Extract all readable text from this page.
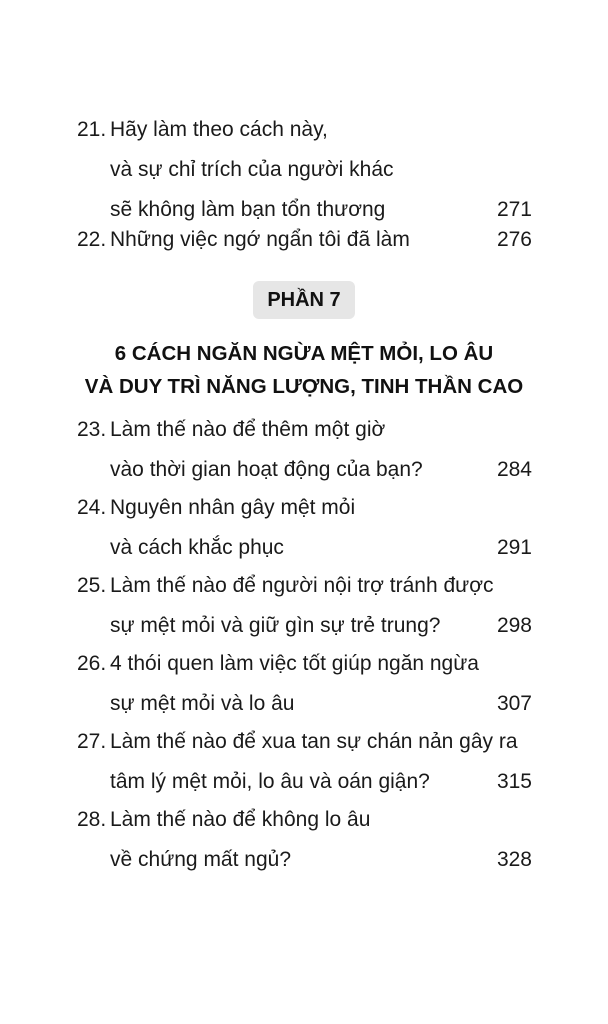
21. Hãy làm theo cách này,
và sự chỉ trích của người khác
sẽ không làm bạn tổn thương	271
22. Những việc ngớ ngẩn tôi đã làm	276
PHẦN 7
6 CÁCH NGĂN NGỪA MỆT MỎI, LO ÂU
VÀ DUY TRÌ NĂNG LƯỢNG, TINH THẦN CAO
23. Làm thế nào để thêm một giờ
vào thời gian hoạt động của bạn?	284
24. Nguyên nhân gây mệt mỏi
và cách khắc phục	291
25. Làm thế nào để người nội trợ tránh được
sự mệt mỏi và giữ gìn sự trẻ trung?	298
26. 4 thói quen làm việc tốt giúp ngăn ngừa
sự mệt mỏi và lo âu	307
27. Làm thế nào để xua tan sự chán nản gây ra
tâm lý mệt mỏi, lo âu và oán giận?	315
28. Làm thế nào để không lo âu
về chứng mất ngủ?	328
